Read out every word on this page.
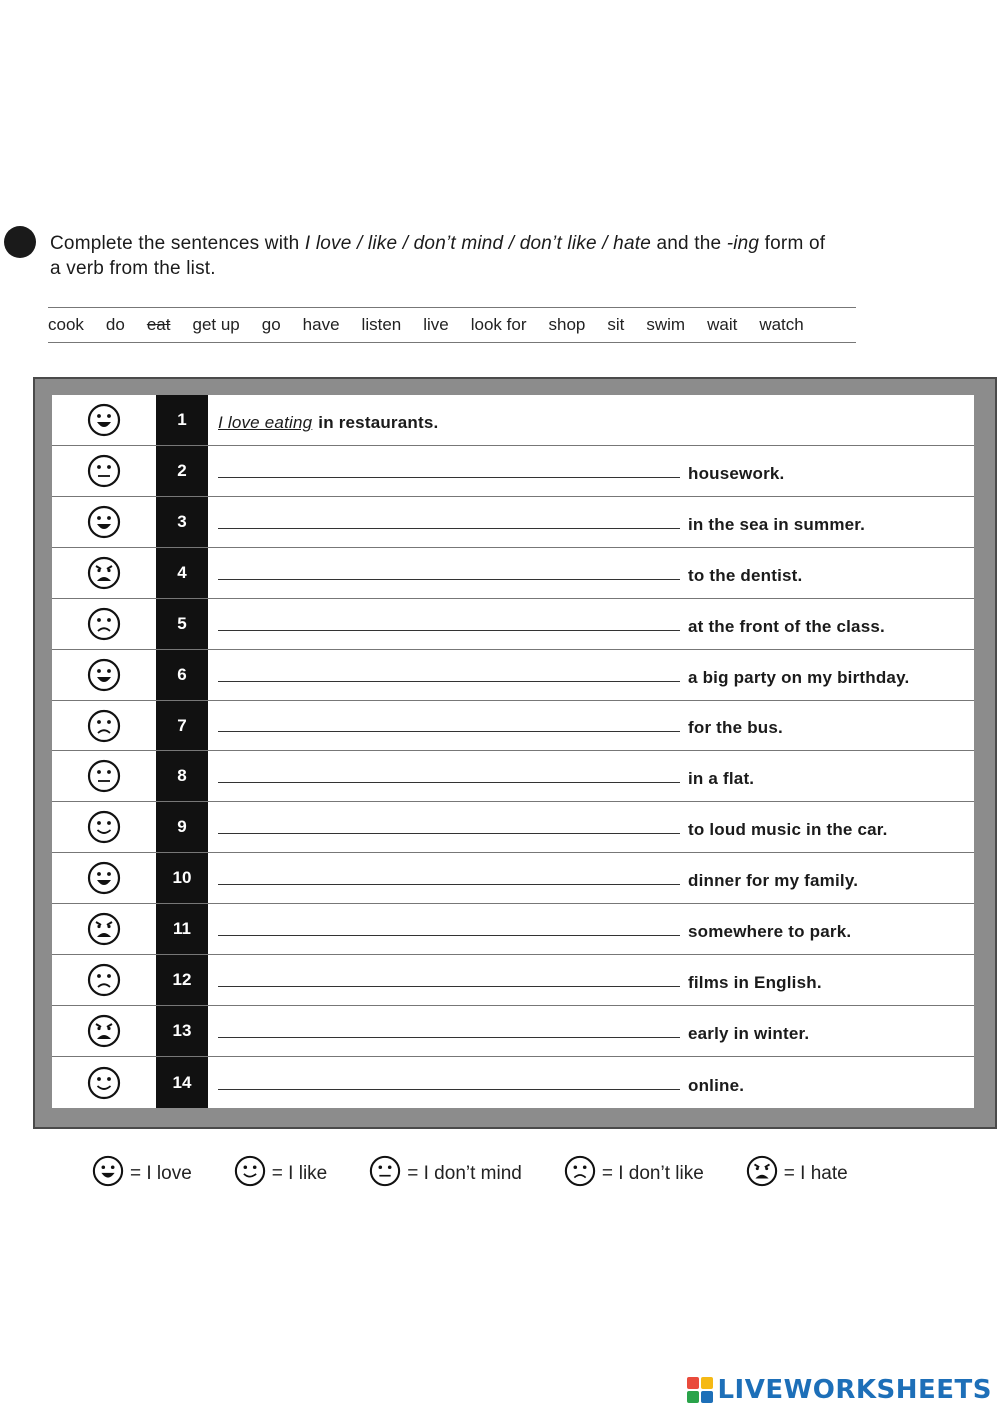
Complete the sentences with I love / like / don’t mind / don’t like / hate and the -ing form of a verb from the list.
cook do eat get up go have listen live look for shop sit swim wait watch
1	I love eating in restaurants.
2	housework.
3	in the sea in summer.
4	to the dentist.
5	at the front of the class.
6	a big party on my birthday.
7	for the bus.
8	in a flat.
9	to loud music in the car.
10	dinner for my family.
11	somewhere to park.
12	films in English.
13	early in winter.
14	online.
= I love	= I like	= I don’t mind	= I don’t like	= I hate
LIVEWORKSHEETS
